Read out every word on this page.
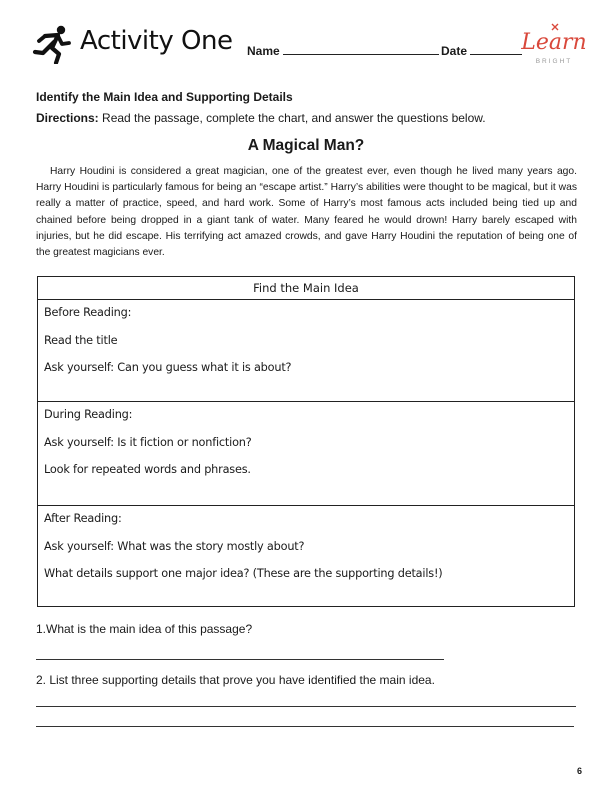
Activity One Name	Date	Learn
BRIGHT
Identify the Main Idea and Supporting Details
Directions: Read the passage, complete the chart, and answer the questions below.
A Magical Man?

Harry Houdini is considered a great magician, one of the greatest ever, even though he lived many years ago. Harry Houdini is particularly famous for being an “escape artist.” Harry’s abilities were thought to be magical, but it was really a matter of practice, speed, and hard work. Some of Harry’s most famous acts included being tied up and chained before being dropped in a giant tank of water. Many feared he would drown! Harry barely escaped with injuries, but he did escape. His terrifying act amazed crowds, and gave Harry Houdini the reputation of being one of the greatest magicians ever.

Find the Main Idea
Before Reading:
Read the title
Ask yourself: Can you guess what it is about?
During Reading:
Ask yourself: Is it fiction or nonfiction?
Look for repeated words and phrases.
After Reading:
Ask yourself: What was the story mostly about?
What details support one major idea? (These are the supporting details!)
1.What is the main idea of this passage?
2. List three supporting details that prove you have identified the main idea.
6
